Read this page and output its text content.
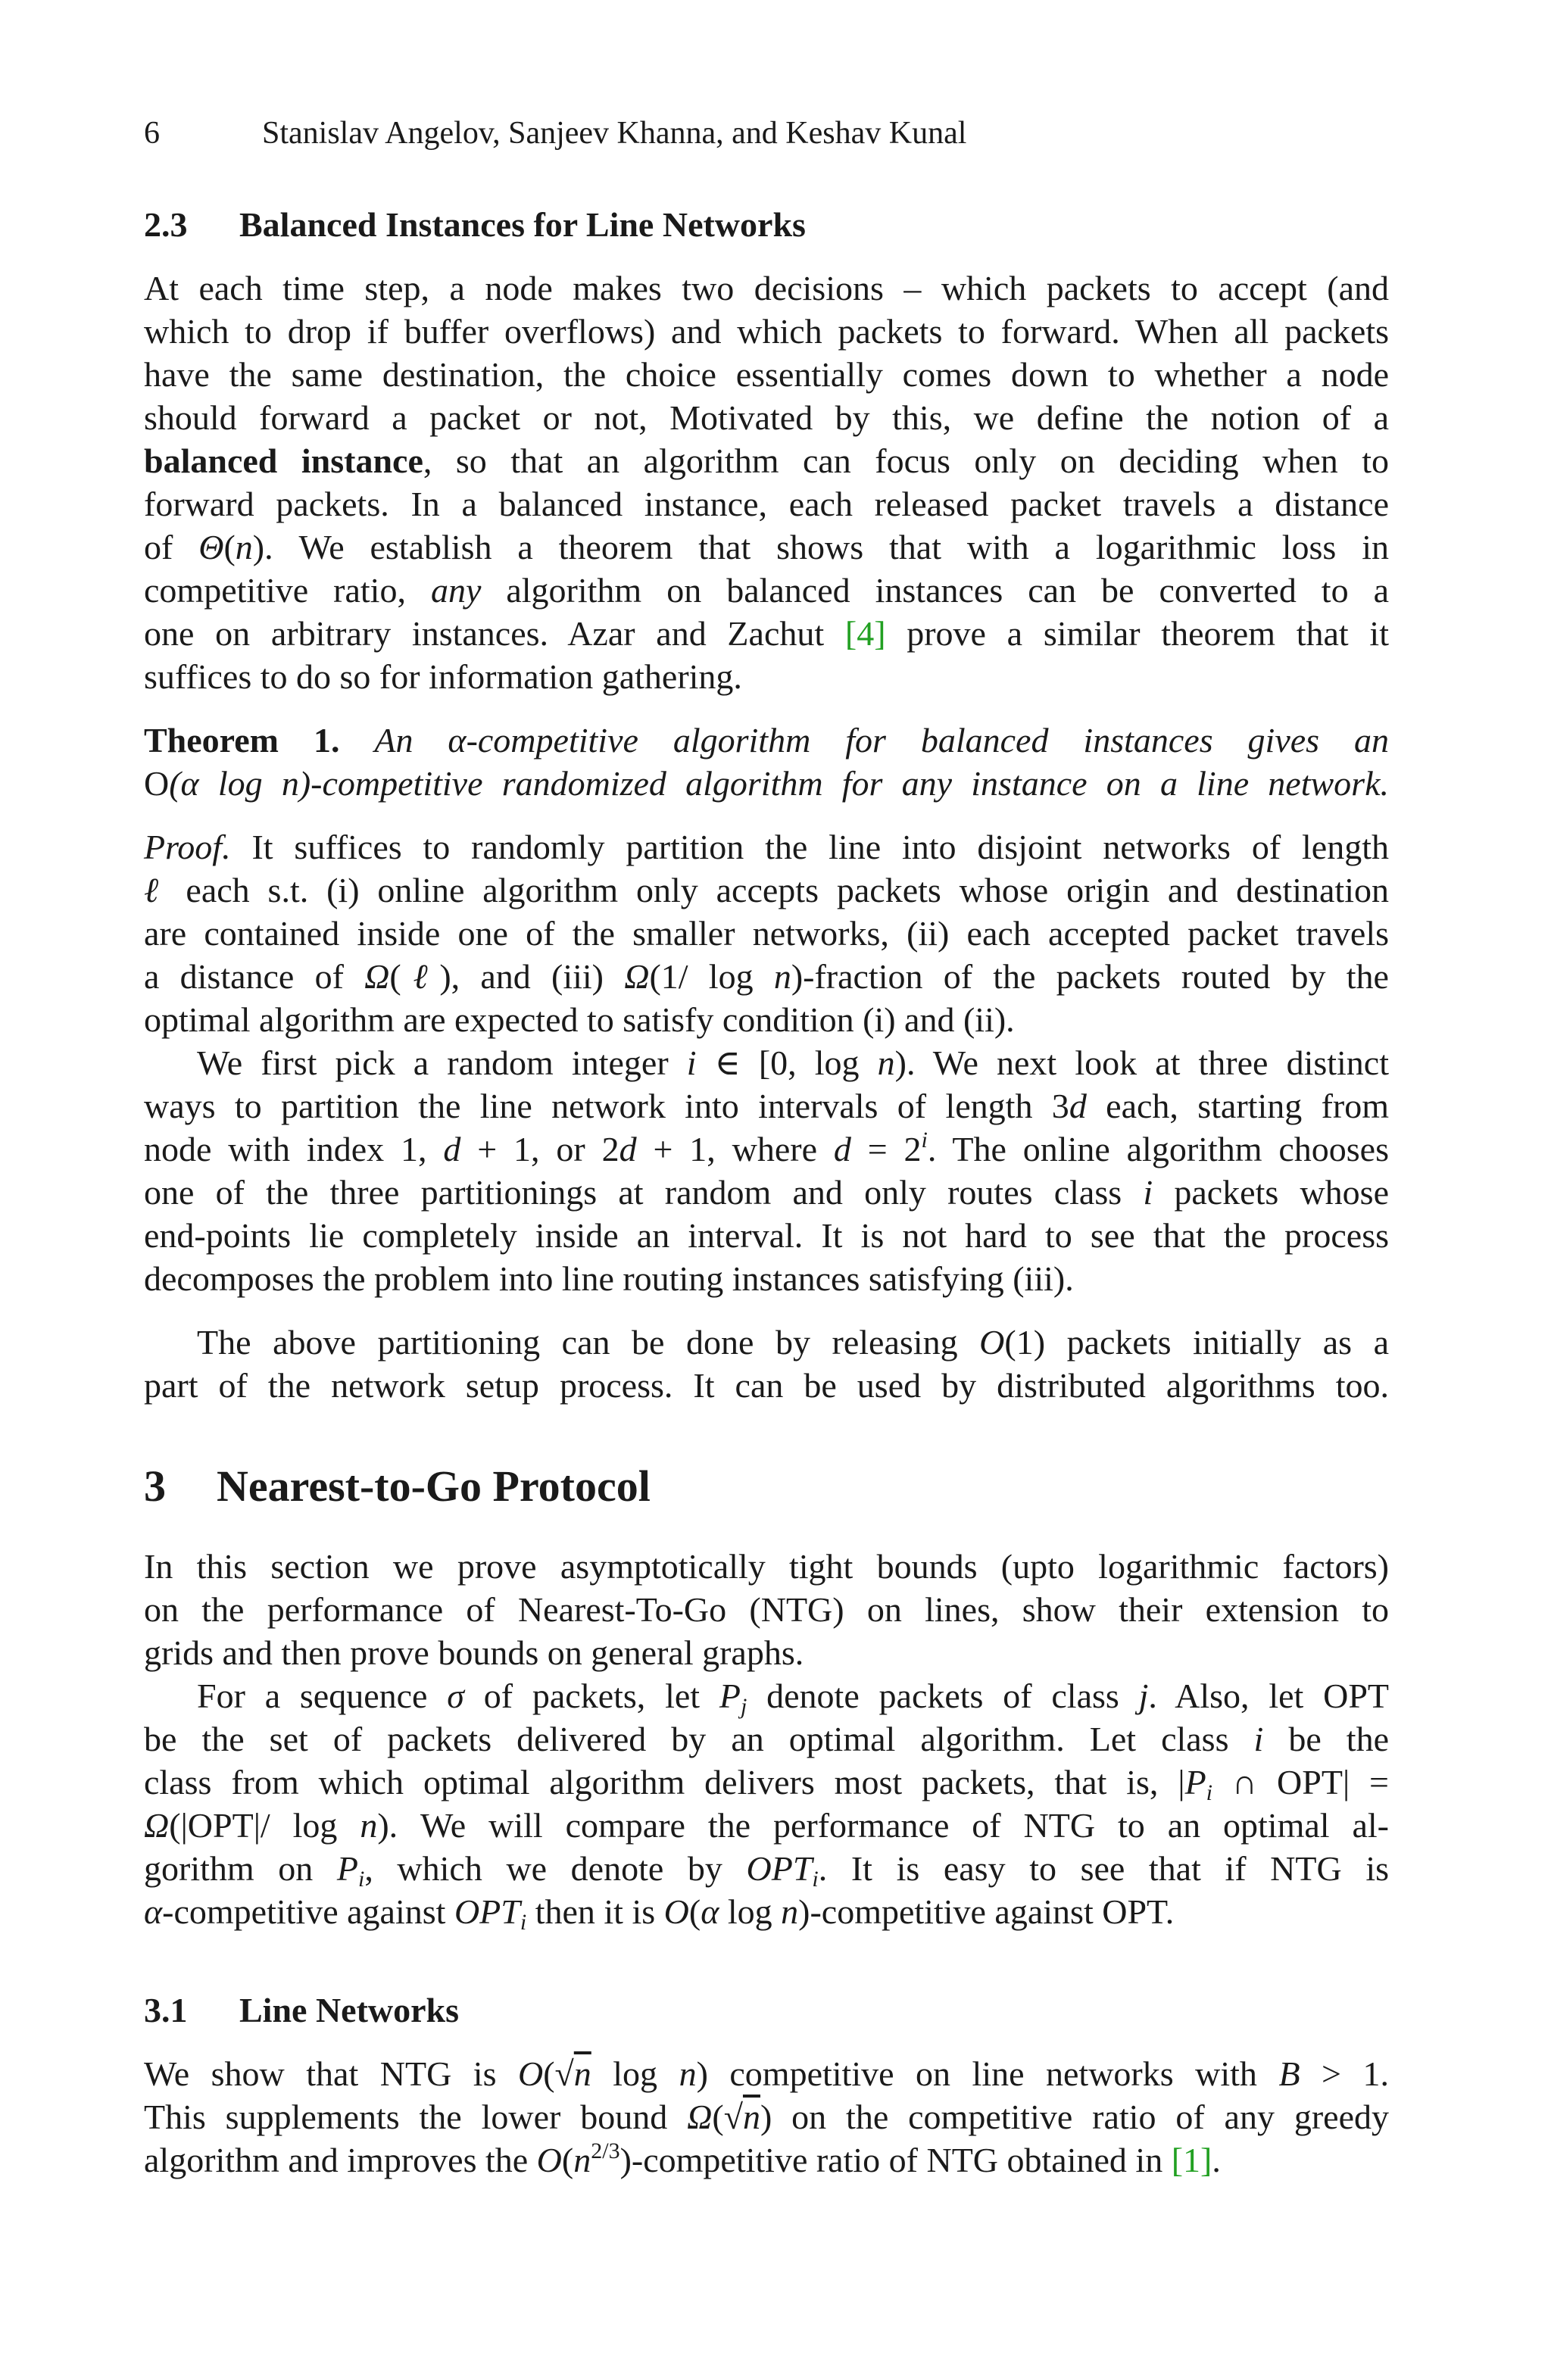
6	Stanislav Angelov, Sanjeev Khanna, and Keshav Kunal
2.3 Balanced Instances for Line Networks
At each time step, a node makes two decisions – which packets to accept (and
which to drop if buffer overflows) and which packets to forward. When all packets
have the same destination, the choice essentially comes down to whether a node
should forward a packet or not, Motivated by this, we define the notion of a
balanced instance, so that an algorithm can focus only on deciding when to
forward packets. In a balanced instance, each released packet travels a distance
of Θ(n). We establish a theorem that shows that with a logarithmic loss in
competitive ratio, any algorithm on balanced instances can be converted to a
one on arbitrary instances. Azar and Zachut [4] prove a similar theorem that it
suffices to do so for information gathering.
Theorem 1. An α-competitive algorithm for balanced instances gives an
O(α log n)-competitive randomized algorithm for any instance on a line network.
Proof. It suffices to randomly partition the line into disjoint networks of length
ℓ each s.t. (i) online algorithm only accepts packets whose origin and destination
are contained inside one of the smaller networks, (ii) each accepted packet travels
a distance of Ω(ℓ), and (iii) Ω(1/ log n)-fraction of the packets routed by the
optimal algorithm are expected to satisfy condition (i) and (ii).
We first pick a random integer i ∈ [0, log n). We next look at three distinct
ways to partition the line network into intervals of length 3d each, starting from
node with index 1, d + 1, or 2d + 1, where $d = 2^i$. The online algorithm chooses
one of the three partitionings at random and only routes class i packets whose
end-points lie completely inside an interval. It is not hard to see that the process
decomposes the problem into line routing instances satisfying (iii).
The above partitioning can be done by releasing O(1) packets initially as a
part of the network setup process. It can be used by distributed algorithms too.
3 Nearest-to-Go Protocol
In this section we prove asymptotically tight bounds (upto logarithmic factors)
on the performance of Nearest-To-Go (NTG) on lines, show their extension to
grids and then prove bounds on general graphs.
For a sequence σ of packets, let $P_j$ denote packets of class j. Also, let OPT
be the set of packets delivered by an optimal algorithm. Let class i be the
class from which optimal algorithm delivers most packets, that is, $|P_i$ ∩ OPT| =
Ω(|OPT|/ log n). We will compare the performance of NTG to an optimal al-
gorithm on $P_i$, which we denote by $OPT_i$. It is easy to see that if NTG is
α-competitive against $OPT_i$ then it is O(α log n)-competitive against OPT.
3.1 Line Networks
We show that NTG is O(√n log n) competitive on line networks with B > 1.
This supplements the lower bound Ω(√n) on the competitive ratio of any greedy
algorithm and improves the $O(n^{2/3})$-competitive ratio of NTG obtained in [1].
